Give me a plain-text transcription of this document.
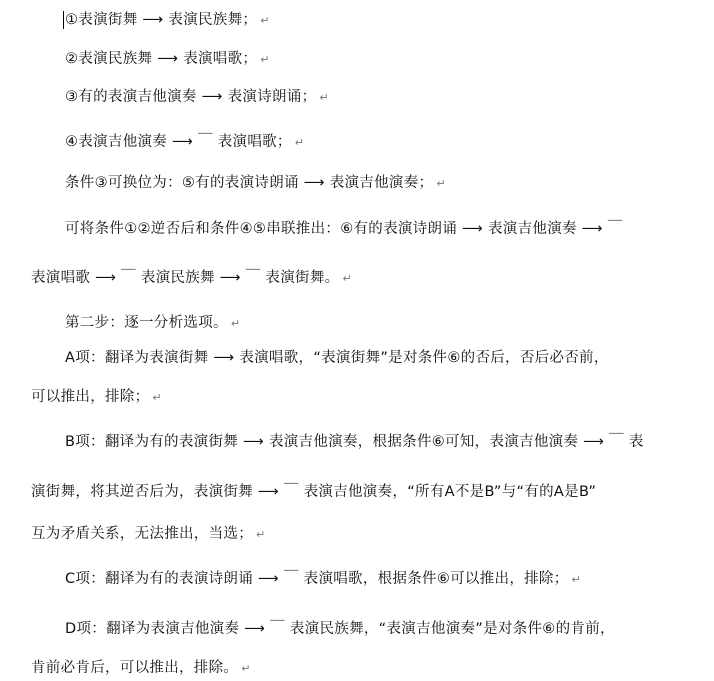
①表演街舞 ⟶ 表演民族舞； ↵
②表演民族舞 ⟶ 表演唱歌； ↵
③有的表演吉他演奏 ⟶ 表演诗朗诵； ↵
④表演吉他演奏 ⟶ ￣ 表演唱歌； ↵
条件③可换位为：⑤有的表演诗朗诵 ⟶ 表演吉他演奏； ↵
可将条件①②逆否后和条件④⑤串联推出：⑥有的表演诗朗诵 ⟶ 表演吉他演奏 ⟶ ￣
表演唱歌 ⟶ ￣ 表演民族舞 ⟶ ￣ 表演街舞。 ↵
第二步：逐一分析选项。 ↵
A项：翻译为表演街舞 ⟶ 表演唱歌，“表演街舞”是对条件⑥的否后，否后必否前，
可以推出，排除； ↵
B项：翻译为有的表演街舞 ⟶ 表演吉他演奏，根据条件⑥可知，表演吉他演奏 ⟶ ￣ 表
演街舞，将其逆否后为，表演街舞 ⟶ ￣ 表演吉他演奏，“所有A不是B”与“有的A是B”
互为矛盾关系，无法推出，当选； ↵
C项：翻译为有的表演诗朗诵 ⟶ ￣ 表演唱歌，根据条件⑥可以推出，排除； ↵
D项：翻译为表演吉他演奏 ⟶ ￣ 表演民族舞，“表演吉他演奏”是对条件⑥的肯前，
肯前必肯后，可以推出，排除。 ↵
